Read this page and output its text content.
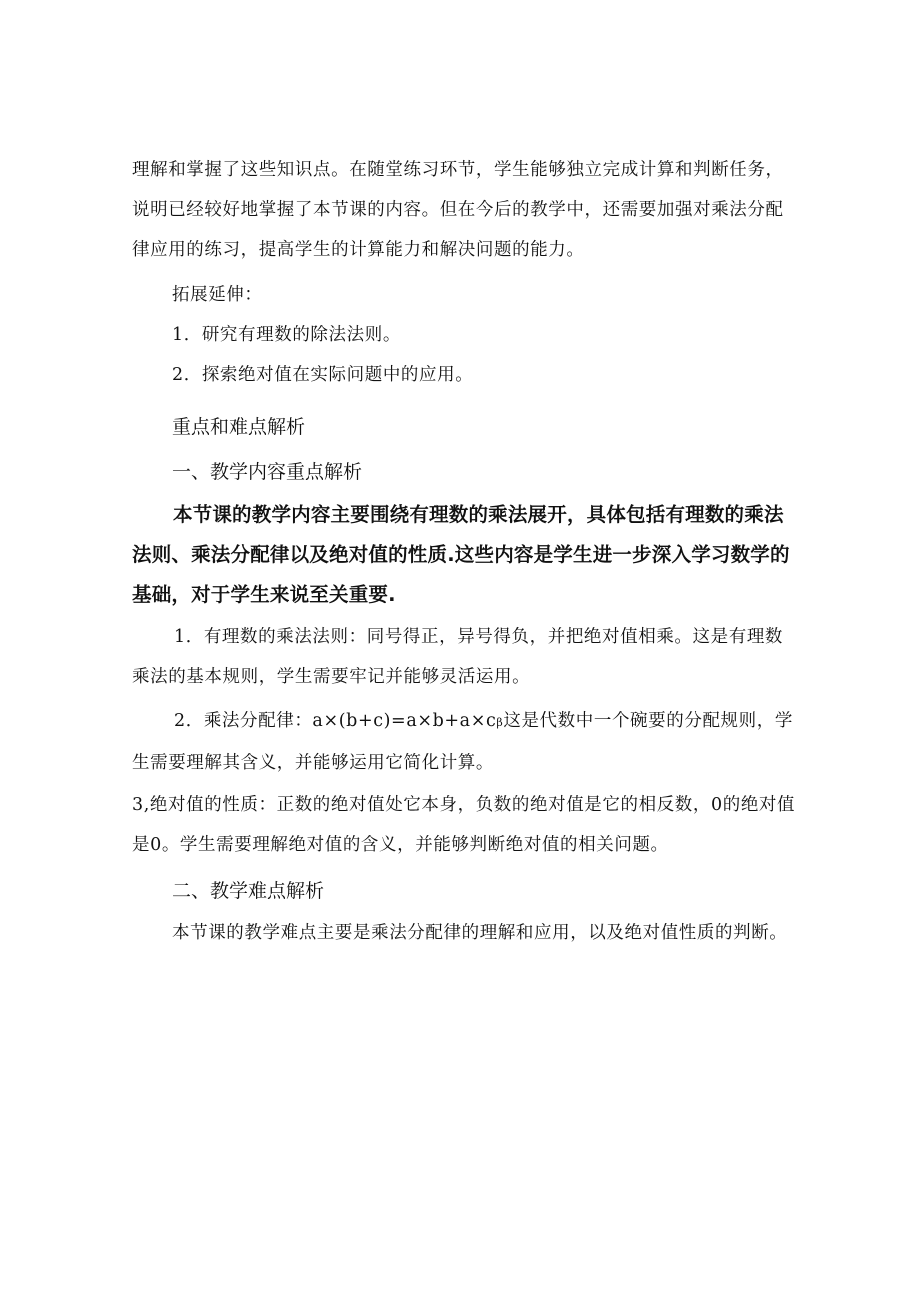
理解和掌握了这些知识点。在随堂练习环节，学生能够独立完成计算和判断任务，说明已经较好地掌握了本节课的内容。但在今后的教学中，还需要加强对乘法分配律应用的练习，提高学生的计算能力和解决问题的能力。

拓展延伸：

1．研究有理数的除法法则。

2．探索绝对值在实际问题中的应用。

重点和难点解析

一、教学内容重点解析

本节课的教学内容主要围绕有理数的乘法展开，具体包括有理数的乘法法则、乘法分配律以及绝对值的性质.这些内容是学生进一步深入学习数学的基础，对于学生来说至关重要.

1．有理数的乘法法则：同号得正，异号得负，并把绝对值相乘。这是有理数乘法的基本规则，学生需要牢记并能够灵活运用。

2．乘法分配律：a×(b+c)=a×b+a×cβ这是代数中一个碗要的分配规则，学生需要理解其含义，并能够运用它简化计算。

3,绝对值的性质：正数的绝对值处它本身，负数的绝对值是它的相反数，0的绝对值是0。学生需要理解绝对值的含义，并能够判断绝对值的相关问题。

二、教学难点解析

本节课的教学难点主要是乘法分配律的理解和应用，以及绝对值性质的判断。
